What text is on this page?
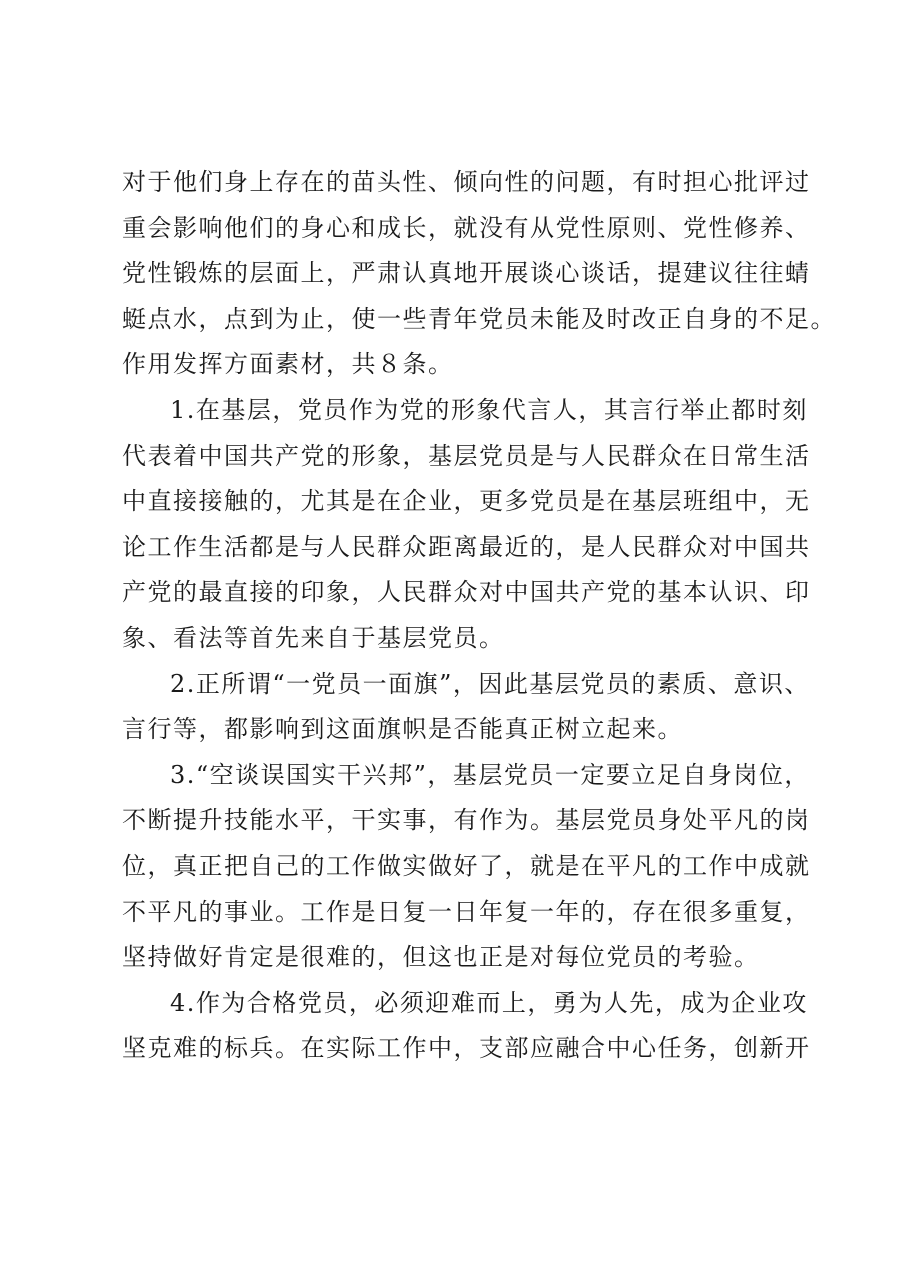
对于他们身上存在的苗头性、倾向性的问题，有时担心批评过
重会影响他们的身心和成长，就没有从党性原则、党性修养、
党性锻炼的层面上，严肃认真地开展谈心谈话，提建议往往蜻
蜓点水，点到为止，使一些青年党员未能及时改正自身的不足。
作用发挥方面素材，共８条。

1.在基层，党员作为党的形象代言人，其言行举止都时刻
代表着中国共产党的形象，基层党员是与人民群众在日常生活
中直接接触的，尤其是在企业，更多党员是在基层班组中，无
论工作生活都是与人民群众距离最近的，是人民群众对中国共
产党的最直接的印象，人民群众对中国共产党的基本认识、印
象、看法等首先来自于基层党员。

2.正所谓“一党员一面旗”，因此基层党员的素质、意识、
言行等，都影响到这面旗帜是否能真正树立起来。

3.“空谈误国实干兴邦”，基层党员一定要立足自身岗位，
不断提升技能水平，干实事，有作为。基层党员身处平凡的岗
位，真正把自己的工作做实做好了，就是在平凡的工作中成就
不平凡的事业。工作是日复一日年复一年的，存在很多重复，
坚持做好肯定是很难的，但这也正是对每位党员的考验。

4.作为合格党员，必须迎难而上，勇为人先，成为企业攻
坚克难的标兵。在实际工作中，支部应融合中心任务，创新开
